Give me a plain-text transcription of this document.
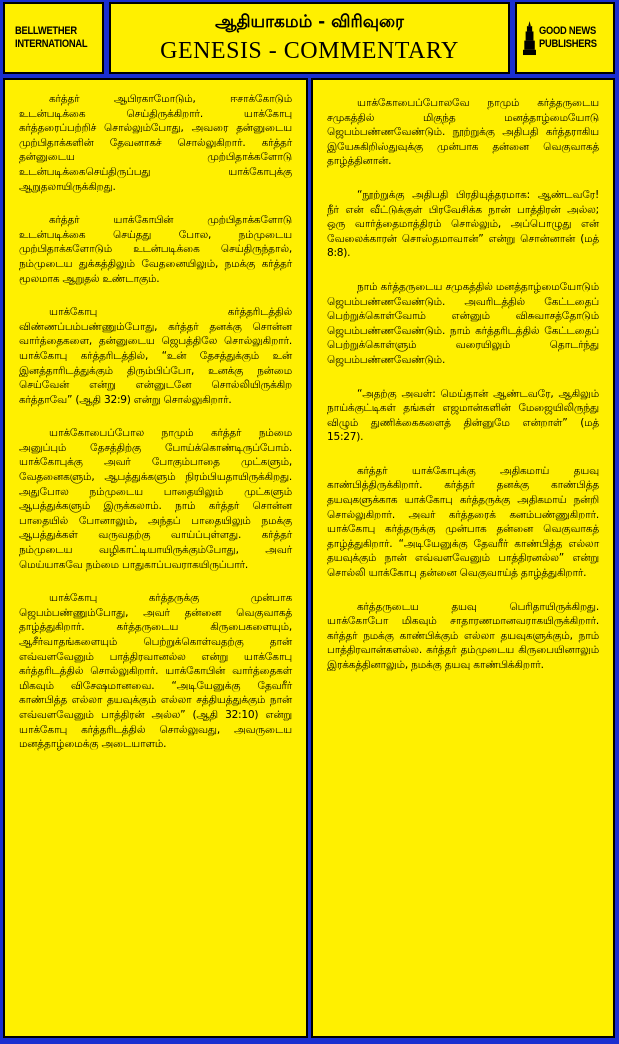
BELLWETHER
INTERNATIONAL
ஆதியாகமம் - விரிவுரை
GENESIS - COMMENTARY
GOOD NEWS
PUBLISHERS

கர்த்தர் ஆபிரகாமோடும், ஈசாக்கோடும் உடன்படிக்கை செய்திருக்கிறார். யாக்கோபு கர்த்தரைப்பற்றிச் சொல்லும்போது, அவரை தன்னுடைய முற்பிதாக்களின் தேவனாகச் சொல்லுகிறார். கர்த்தர் தன்னுடைய முற்பிதாக்களோடு உடன்படிக்கைசெய்திருப்பது யாக்கோபுக்கு ஆறுதலாயிருக்கிறது.

கர்த்தர் யாக்கோபின் முற்பிதாக்களோடு உடன்படிக்கை செய்தது போல, நம்முடைய முற்பிதாக்களோடும் உடன்படிக்கை செய்திருந்தால், நம்முடைய துக்கத்திலும் வேதனையிலும், நமக்கு கர்த்தர் மூலமாக ஆறுதல் உண்டாகும்.

யாக்கோபு கர்த்தரிடத்தில் விண்ணப்பம்பண்ணும்போது, கர்த்தர் தனக்கு சொன்ன வார்த்தைகளை, தன்னுடைய ஜெபத்திலே சொல்லுகிறார். யாக்கோபு கர்த்தரிடத்தில், “உன் தேசத்துக்கும் உன் இனத்தாரிடத்துக்கும் திரும்பிப்போ, உனக்கு நன்மை செய்வேன் என்று என்னுடனே சொல்லியிருக்கிற கர்த்தாவே” (ஆதி 32:9) என்று சொல்லுகிறார்.

யாக்கோபைப்போல நாமும் கர்த்தர் நம்மை அனுப்பும் தேசத்திற்கு போய்க்கொண்டிருப்போம். யாக்கோபுக்கு அவர் போகும்பாதை முட்களும், வேதனைகளும், ஆபத்துக்களும் நிரம்பியதாயிருக்கிறது. அதுபோல நம்முடைய பாதையிலும் முட்களும் ஆபத்துக்களும் இருக்கலாம். நாம் கர்த்தர் சொன்ன பாதையில் போனாலும், அந்தப் பாதையிலும் நமக்கு ஆபத்துக்கள் வருவதற்கு வாய்ப்புள்ளது. கர்த்தர் நம்முடைய வழிகாட்டியாயிருக்கும்போது, அவர் மெய்யாகவே நம்மை பாதுகாப்பவராகயிருப்பார்.

யாக்கோபு கர்த்தருக்கு முன்பாக ஜெபம்பண்ணும்போது, அவர் தன்னை வெகுவாகத் தாழ்த்துகிறார். கர்த்தருடைய கிருபைகளையும், ஆசீர்வாதங்களையும் பெற்றுக்கொள்வதற்கு தான் எவ்வளவேனும் பாத்திரவானல்ல என்று யாக்கோபு கர்த்தரிடத்தில் சொல்லுகிறார். யாக்கோபின் வார்த்தைகள் மிகவும் விசேஷமானவை. “அடியேனுக்கு தேவரீர் காண்பித்த எல்லா தயவுக்கும் எல்லா சத்தியத்துக்கும் நான் எவ்வளவேனும் பாத்திரன் அல்ல” (ஆதி 32:10) என்று யாக்கோபு கர்த்தரிடத்தில் சொல்லுவது, அவருடைய மனத்தாழ்மைக்கு அடையாளம்.

யாக்கோபைப்போலவே நாமும் கர்த்தருடைய சமுகத்தில் மிகுந்த மனத்தாழ்மையோடு ஜெபம்பண்ணவேண்டும். நூற்றுக்கு அதிபதி கர்த்தராகிய இயேசுகிறிஸ்துவுக்கு முன்பாக தன்னை வெகுவாகத் தாழ்த்தினான்.

“நூற்றுக்கு அதிபதி பிரதியுத்தரமாக: ஆண்டவரே! நீர் என் வீட்டுக்குள் பிரவேசிக்க நான் பாத்திரன் அல்ல; ஒரு வார்த்தைமாத்திரம் சொல்லும், அப்பொழுது என் வேலைக்காரன் சொஸ்தமாவான்” என்று சொன்னான் (மத் 8:8).

நாம் கர்த்தருடைய சமுகத்தில் மனத்தாழ்மையோடும் ஜெபம்பண்ணவேண்டும். அவரிடத்தில் கேட்டதைப் பெற்றுக்கொள்வோம் என்னும் விசுவாசத்தோடும் ஜெபம்பண்ணவேண்டும். நாம் கர்த்தரிடத்தில் கேட்டதைப் பெற்றுக்கொள்ளும் வரையிலும் தொடர்ந்து ஜெபம்பண்ணவேண்டும்.

“அதற்கு அவள்: மெய்தான் ஆண்டவரே, ஆகிலும் நாய்க்குட்டிகள் தங்கள் எஜமான்களின் மேஜையிலிருந்து விழும் துணிக்கைகளைத் தின்னுமே என்றாள்” (மத் 15:27).

கர்த்தர் யாக்கோபுக்கு அதிகமாய் தயவு காண்பித்திருக்கிறார். கர்த்தர் தனக்கு காண்பித்த தயவுகளுக்காக யாக்கோபு கர்த்தருக்கு அதிகமாய் நன்றி சொல்லுகிறார். அவர் கர்த்தரைக் கனம்பண்ணுகிறார். யாக்கோபு கர்த்தருக்கு முன்பாக தன்னை வெகுவாகத் தாழ்த்துகிறார். “அடியேனுக்கு தேவரீர் காண்பித்த எல்லா தயவுக்கும் நான் எவ்வளவேனும் பாத்திரனல்ல” என்று சொல்லி யாக்கோபு தன்னை வெகுவாய்த் தாழ்த்துகிறார்.

கர்த்தருடைய தயவு பெரிதாயிருக்கிறது. யாக்கோபோ மிகவும் சாதாரணமானவராகயிருக்கிறார். கர்த்தர் நமக்கு காண்பிக்கும் எல்லா தயவுகளுக்கும், நாம் பாத்திரவான்களல்ல. கர்த்தர் தம்முடைய கிருபையினாலும் இரக்கத்தினாலும், நமக்கு தயவு காண்பிக்கிறார்.
